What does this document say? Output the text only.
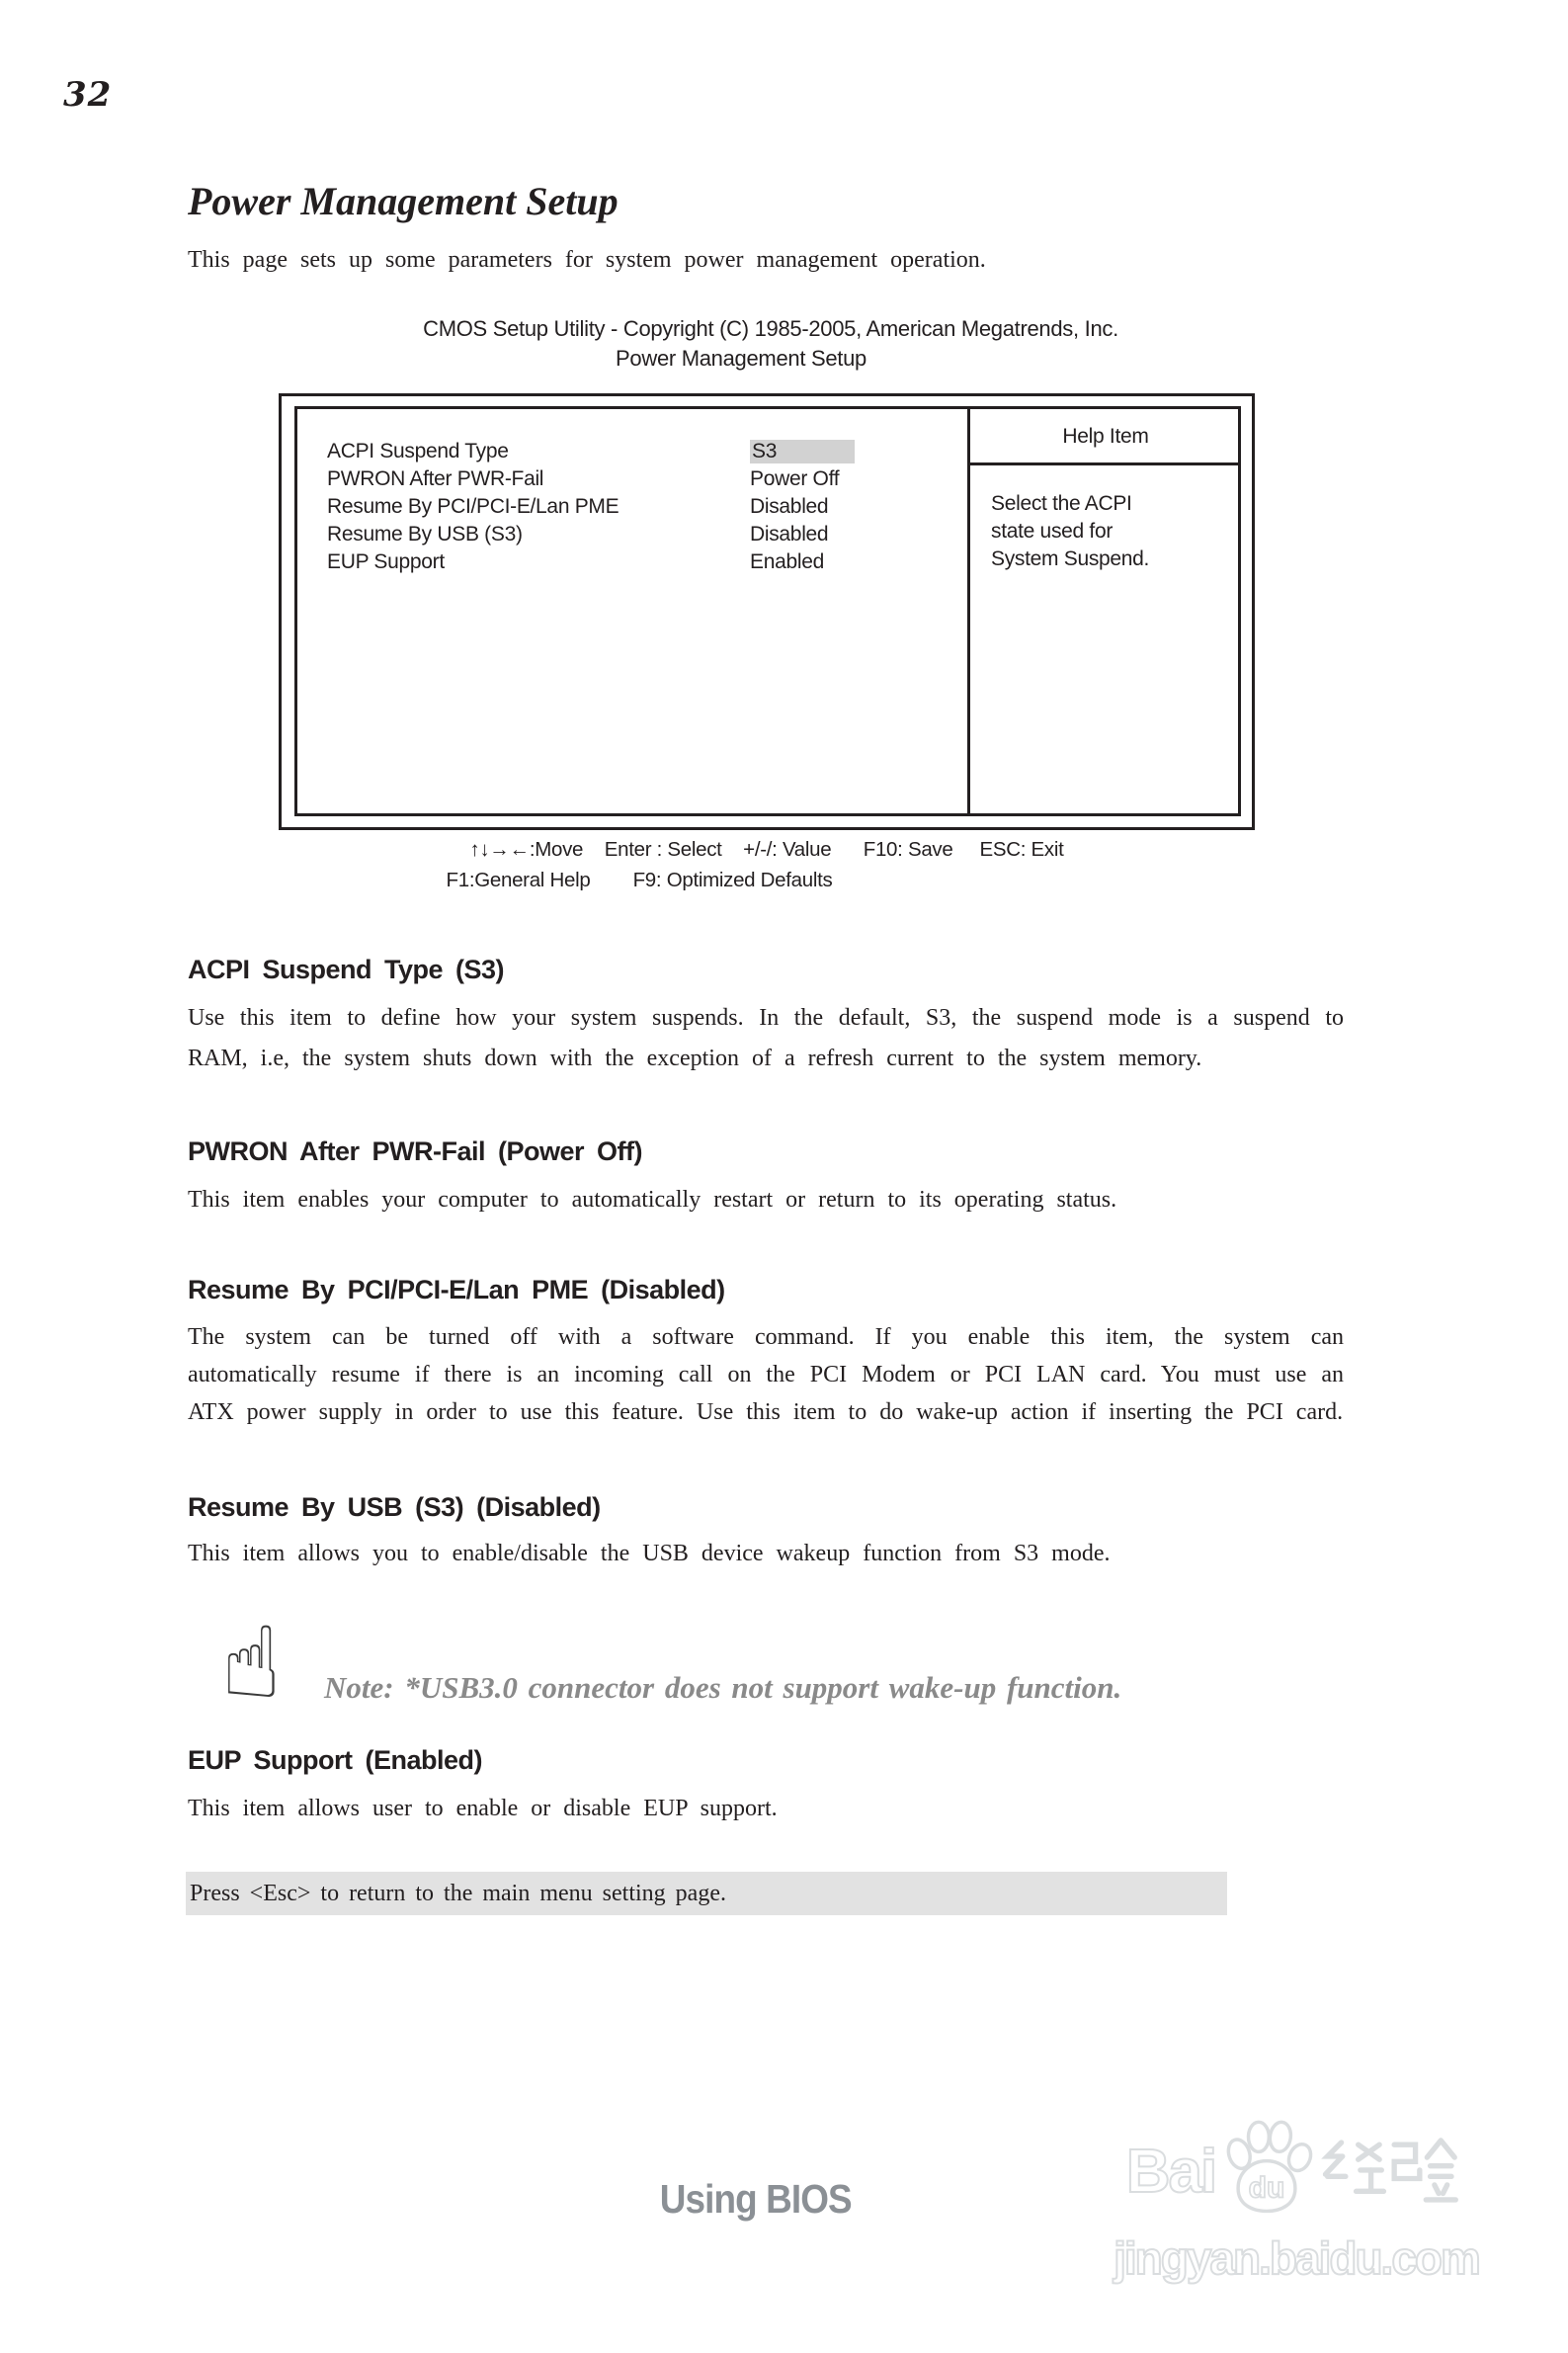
32
Power Management Setup
This page sets up some parameters for system power management operation.
CMOS Setup Utility - Copyright (C) 1985-2005, American Megatrends, Inc.
Power Management Setup
Help Item
Select the ACPI
state used for
System Suspend.
ACPI Suspend Type	S3
PWRON After PWR-Fail	Power Off
Resume By PCI/PCI-E/Lan PME	Disabled
Resume By USB (S3)	Disabled
EUP Support	Enabled
↑↓→←:Move    Enter : Select    +/-/: Value      F10: Save     ESC: Exit
F1:General Help        F9: Optimized Defaults
ACPI Suspend Type (S3)
Use this item to define how your system suspends. In the default, S3, the suspend mode is a suspend to RAM, i.e, the system shuts down with the exception of a refresh current to the system memory.
PWRON After PWR-Fail (Power Off)
This item enables your computer to automatically restart or return to its operating status.
Resume By PCI/PCI-E/Lan PME (Disabled)
The system can be turned off with a software command. If you enable this item, the system can automatically resume if there is an incoming call on the PCI Modem or PCI LAN card. You must use an ATX power supply in order to use this feature. Use this item to do wake-up action if inserting the PCI card.
Resume By USB (S3) (Disabled)
This item allows you to enable/disable the USB device wakeup function from S3 mode.
☝ Note: *USB3.0 connector does not support wake-up function.
EUP Support (Enabled)
This item allows user to enable or disable EUP support.
Press <Esc> to return to the main menu setting page.
Using BIOS	Bai du
jingyan.baidu.com
